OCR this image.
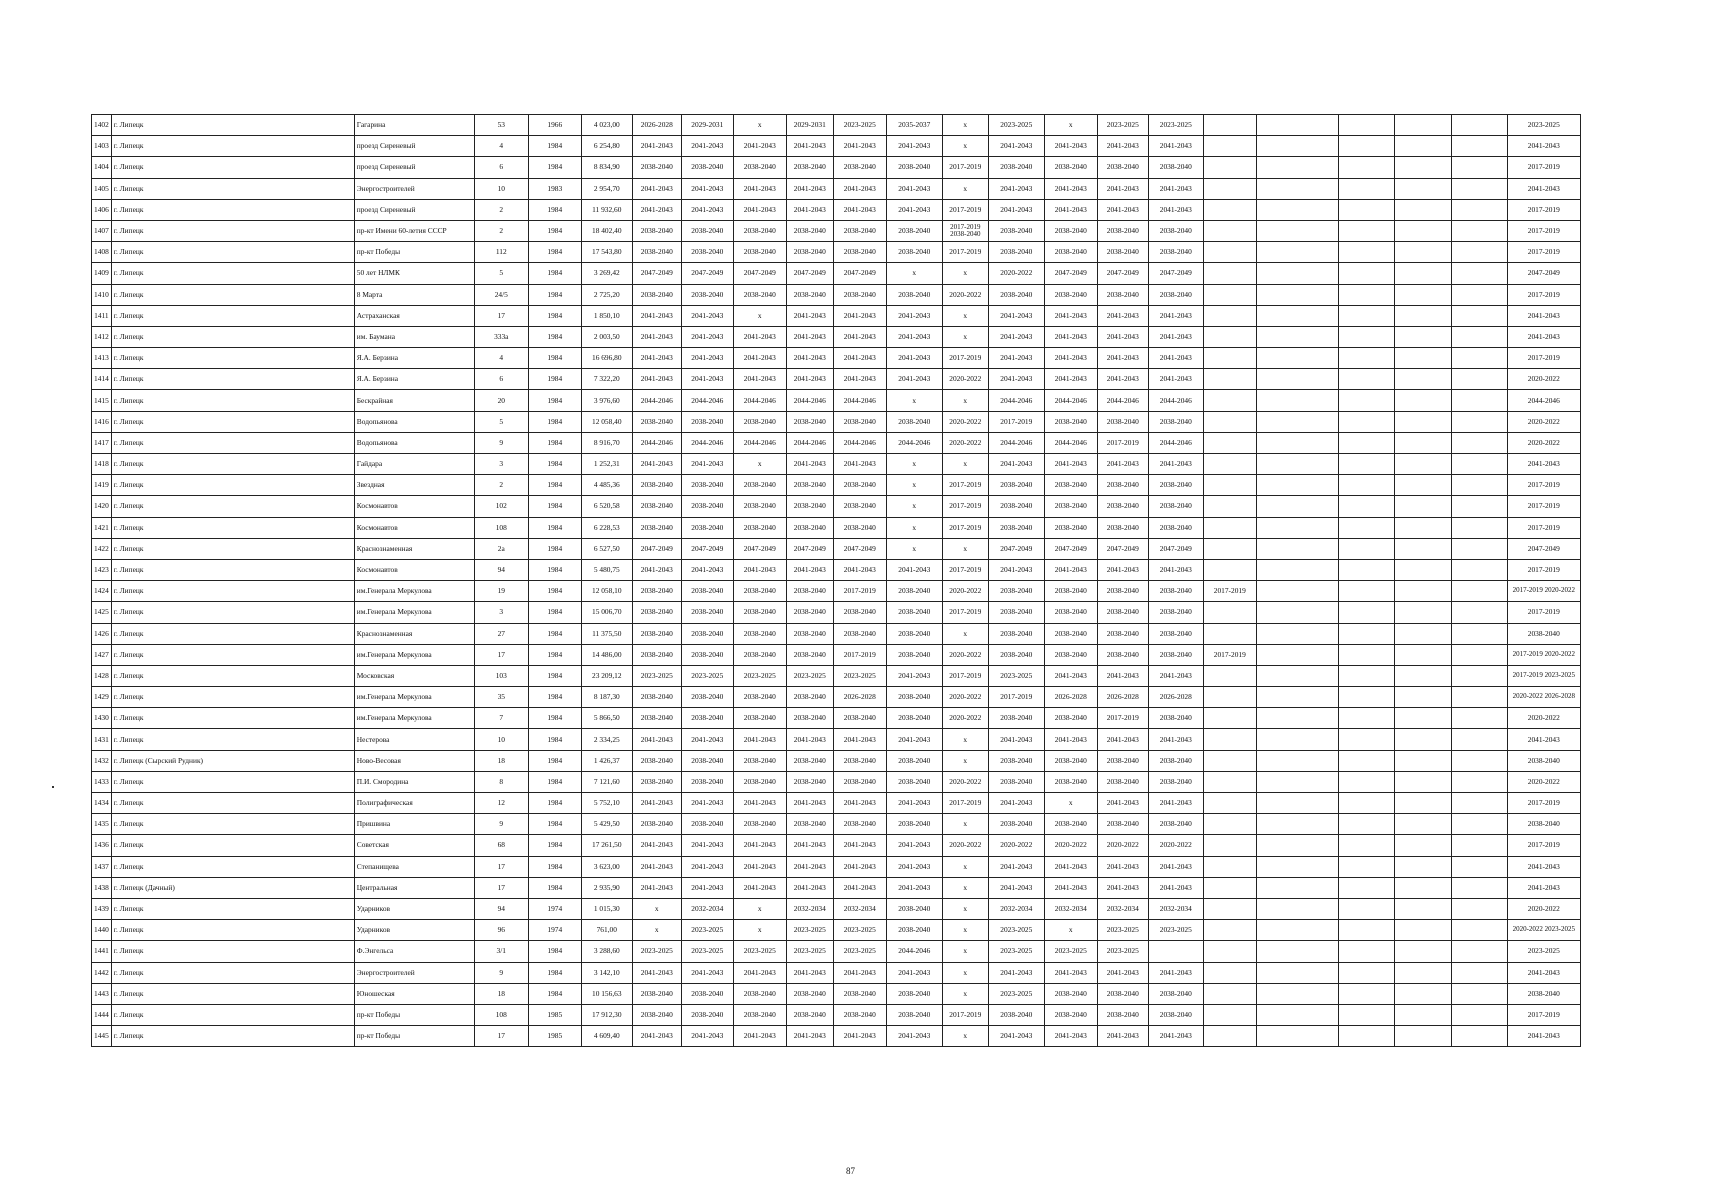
1402	г. Липецк	Гагарина	53	1966	4 023,00	2026-2028	2029-2031	х	2029-2031	2023-2025	2035-2037	х	2023-2025	х	2023-2025	2023-2025						2023-2025
1403	г. Липецк	проезд Сиреневый	4	1984	6 254,80	2041-2043	2041-2043	2041-2043	2041-2043	2041-2043	2041-2043	х	2041-2043	2041-2043	2041-2043	2041-2043						2041-2043
1404	г. Липецк	проезд Сиреневый	6	1984	8 834,90	2038-2040	2038-2040	2038-2040	2038-2040	2038-2040	2038-2040	2017-2019	2038-2040	2038-2040	2038-2040	2038-2040						2017-2019
1405	г. Липецк	Энергостроителей	10	1983	2 954,70	2041-2043	2041-2043	2041-2043	2041-2043	2041-2043	2041-2043	х	2041-2043	2041-2043	2041-2043	2041-2043						2041-2043
1406	г. Липецк	проезд Сиреневый	2	1984	11 932,60	2041-2043	2041-2043	2041-2043	2041-2043	2041-2043	2041-2043	2017-2019	2041-2043	2041-2043	2041-2043	2041-2043						2017-2019
1407	г. Липецк	пр-кт Имени 60-летия СССР	2	1984	18 402,40	2038-2040	2038-2040	2038-2040	2038-2040	2038-2040	2038-2040	2017-2019 2038-2040	2038-2040	2038-2040	2038-2040	2038-2040						2017-2019
1408	г. Липецк	пр-кт Победы	112	1984	17 543,80	2038-2040	2038-2040	2038-2040	2038-2040	2038-2040	2038-2040	2017-2019	2038-2040	2038-2040	2038-2040	2038-2040						2017-2019
1409	г. Липецк	50 лет НЛМК	5	1984	3 269,42	2047-2049	2047-2049	2047-2049	2047-2049	2047-2049	х	х	2020-2022	2047-2049	2047-2049	2047-2049						2047-2049
1410	г. Липецк	8 Марта	24/5	1984	2 725,20	2038-2040	2038-2040	2038-2040	2038-2040	2038-2040	2038-2040	2020-2022	2038-2040	2038-2040	2038-2040	2038-2040						2017-2019
1411	г. Липецк	Астраханская	17	1984	1 850,10	2041-2043	2041-2043	х	2041-2043	2041-2043	2041-2043	х	2041-2043	2041-2043	2041-2043	2041-2043						2041-2043
1412	г. Липецк	им. Баумана	333а	1984	2 003,50	2041-2043	2041-2043	2041-2043	2041-2043	2041-2043	2041-2043	х	2041-2043	2041-2043	2041-2043	2041-2043						2041-2043
1413	г. Липецк	Я.А. Берзина	4	1984	16 696,80	2041-2043	2041-2043	2041-2043	2041-2043	2041-2043	2041-2043	2017-2019	2041-2043	2041-2043	2041-2043	2041-2043						2017-2019
1414	г. Липецк	Я.А. Берзина	6	1984	7 322,20	2041-2043	2041-2043	2041-2043	2041-2043	2041-2043	2041-2043	2020-2022	2041-2043	2041-2043	2041-2043	2041-2043						2020-2022
1415	г. Липецк	Бескрайная	20	1984	3 976,60	2044-2046	2044-2046	2044-2046	2044-2046	2044-2046	х	х	2044-2046	2044-2046	2044-2046	2044-2046						2044-2046
1416	г. Липецк	Водопьянова	5	1984	12 058,40	2038-2040	2038-2040	2038-2040	2038-2040	2038-2040	2038-2040	2020-2022	2017-2019	2038-2040	2038-2040	2038-2040						2020-2022
1417	г. Липецк	Водопьянова	9	1984	8 916,70	2044-2046	2044-2046	2044-2046	2044-2046	2044-2046	2044-2046	2020-2022	2044-2046	2044-2046	2017-2019	2044-2046						2020-2022
1418	г. Липецк	Гайдара	3	1984	1 252,31	2041-2043	2041-2043	х	2041-2043	2041-2043	х	х	2041-2043	2041-2043	2041-2043	2041-2043						2041-2043
1419	г. Липецк	Звездная	2	1984	4 485,36	2038-2040	2038-2040	2038-2040	2038-2040	2038-2040	х	2017-2019	2038-2040	2038-2040	2038-2040	2038-2040						2017-2019
1420	г. Липецк	Космонавтов	102	1984	6 520,58	2038-2040	2038-2040	2038-2040	2038-2040	2038-2040	х	2017-2019	2038-2040	2038-2040	2038-2040	2038-2040						2017-2019
1421	г. Липецк	Космонавтов	108	1984	6 228,53	2038-2040	2038-2040	2038-2040	2038-2040	2038-2040	х	2017-2019	2038-2040	2038-2040	2038-2040	2038-2040						2017-2019
1422	г. Липецк	Краснознаменная	2а	1984	6 527,50	2047-2049	2047-2049	2047-2049	2047-2049	2047-2049	х	х	2047-2049	2047-2049	2047-2049	2047-2049						2047-2049
1423	г. Липецк	Космонавтов	94	1984	5 480,75	2041-2043	2041-2043	2041-2043	2041-2043	2041-2043	2041-2043	2017-2019	2041-2043	2041-2043	2041-2043	2041-2043						2017-2019
1424	г. Липецк	им.Генерала Меркулова	19	1984	12 058,10	2038-2040	2038-2040	2038-2040	2038-2040	2017-2019	2038-2040	2020-2022	2038-2040	2038-2040	2038-2040	2038-2040	2017-2019					2017-2019 2020-2022
1425	г. Липецк	им.Генерала Меркулова	3	1984	15 006,70	2038-2040	2038-2040	2038-2040	2038-2040	2038-2040	2038-2040	2017-2019	2038-2040	2038-2040	2038-2040	2038-2040						2017-2019
1426	г. Липецк	Краснознаменная	27	1984	11 375,50	2038-2040	2038-2040	2038-2040	2038-2040	2038-2040	2038-2040	х	2038-2040	2038-2040	2038-2040	2038-2040						2038-2040
1427	г. Липецк	им.Генерала Меркулова	17	1984	14 486,00	2038-2040	2038-2040	2038-2040	2038-2040	2017-2019	2038-2040	2020-2022	2038-2040	2038-2040	2038-2040	2038-2040	2017-2019					2017-2019 2020-2022
1428	г. Липецк	Московская	103	1984	23 209,12	2023-2025	2023-2025	2023-2025	2023-2025	2023-2025	2041-2043	2017-2019	2023-2025	2041-2043	2041-2043	2041-2043						2017-2019 2023-2025
1429	г. Липецк	им.Генерала Меркулова	35	1984	8 187,30	2038-2040	2038-2040	2038-2040	2038-2040	2026-2028	2038-2040	2020-2022	2017-2019	2026-2028	2026-2028	2026-2028						2020-2022 2026-2028
1430	г. Липецк	им.Генерала Меркулова	7	1984	5 866,50	2038-2040	2038-2040	2038-2040	2038-2040	2038-2040	2038-2040	2020-2022	2038-2040	2038-2040	2017-2019	2038-2040						2020-2022
1431	г. Липецк	Нестерова	10	1984	2 334,25	2041-2043	2041-2043	2041-2043	2041-2043	2041-2043	2041-2043	х	2041-2043	2041-2043	2041-2043	2041-2043						2041-2043
1432	г. Липецк (Сырский Рудник)	Ново-Весовая	18	1984	1 426,37	2038-2040	2038-2040	2038-2040	2038-2040	2038-2040	2038-2040	х	2038-2040	2038-2040	2038-2040	2038-2040						2038-2040
1433	г. Липецк	П.И. Смородина	8	1984	7 121,60	2038-2040	2038-2040	2038-2040	2038-2040	2038-2040	2038-2040	2020-2022	2038-2040	2038-2040	2038-2040	2038-2040						2020-2022
1434	г. Липецк	Полиграфическая	12	1984	5 752,10	2041-2043	2041-2043	2041-2043	2041-2043	2041-2043	2041-2043	2017-2019	2041-2043	х	2041-2043	2041-2043						2017-2019
1435	г. Липецк	Пришвина	9	1984	5 429,50	2038-2040	2038-2040	2038-2040	2038-2040	2038-2040	2038-2040	х	2038-2040	2038-2040	2038-2040	2038-2040						2038-2040
1436	г. Липецк	Советская	68	1984	17 261,50	2041-2043	2041-2043	2041-2043	2041-2043	2041-2043	2041-2043	2020-2022	2020-2022	2020-2022	2020-2022	2020-2022						2017-2019
1437	г. Липецк	Степанищева	17	1984	3 623,00	2041-2043	2041-2043	2041-2043	2041-2043	2041-2043	2041-2043	х	2041-2043	2041-2043	2041-2043	2041-2043						2041-2043
1438	г. Липецк (Дачный)	Центральная	17	1984	2 935,90	2041-2043	2041-2043	2041-2043	2041-2043	2041-2043	2041-2043	х	2041-2043	2041-2043	2041-2043	2041-2043						2041-2043
1439	г. Липецк	Ударников	94	1974	1 015,30	х	2032-2034	х	2032-2034	2032-2034	2038-2040	х	2032-2034	2032-2034	2032-2034	2032-2034						2020-2022
1440	г. Липецк	Ударников	96	1974	761,00	х	2023-2025	х	2023-2025	2023-2025	2038-2040	х	2023-2025	х	2023-2025	2023-2025						2020-2022 2023-2025
1441	г. Липецк	Ф.Энгельса	3/1	1984	3 288,60	2023-2025	2023-2025	2023-2025	2023-2025	2023-2025	2044-2046	х	2023-2025	2023-2025	2023-2025							2023-2025
1442	г. Липецк	Энергостроителей	9	1984	3 142,10	2041-2043	2041-2043	2041-2043	2041-2043	2041-2043	2041-2043	х	2041-2043	2041-2043	2041-2043	2041-2043						2041-2043
1443	г. Липецк	Юношеская	18	1984	10 156,63	2038-2040	2038-2040	2038-2040	2038-2040	2038-2040	2038-2040	х	2023-2025	2038-2040	2038-2040	2038-2040						2038-2040
1444	г. Липецк	пр-кт Победы	108	1985	17 912,30	2038-2040	2038-2040	2038-2040	2038-2040	2038-2040	2038-2040	2017-2019	2038-2040	2038-2040	2038-2040	2038-2040						2017-2019
1445	г. Липецк	пр-кт Победы	17	1985	4 609,40	2041-2043	2041-2043	2041-2043	2041-2043	2041-2043	2041-2043	х	2041-2043	2041-2043	2041-2043	2041-2043						2041-2043
87
